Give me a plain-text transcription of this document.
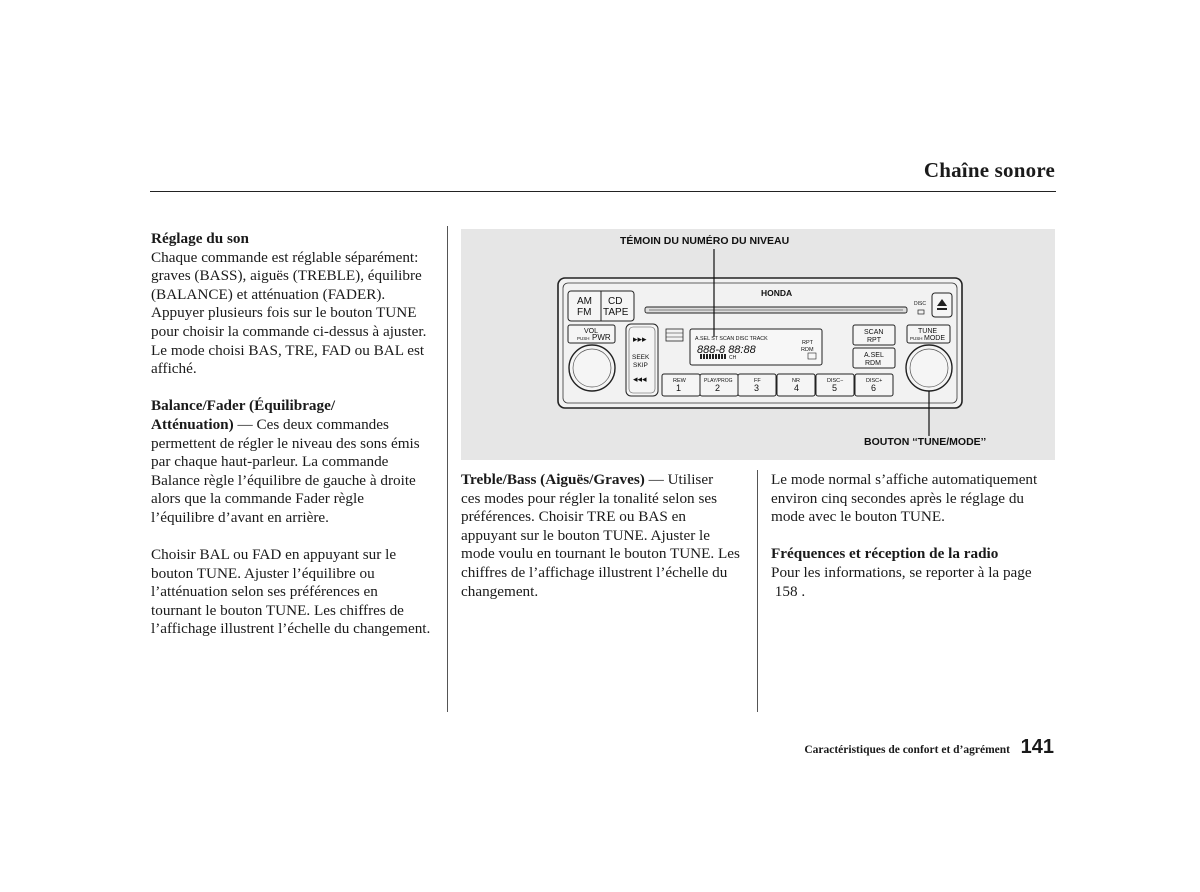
Chaîne sonore

Réglage du son

Chaque commande est réglable séparément:

graves (BASS), aiguës (TREBLE), équilibre

(BALANCE) et atténuation (FADER).

Appuyer plusieurs fois sur le bouton TUNE

pour choisir la commande ci-dessus à ajuster.

Le mode choisi BAS, TRE, FAD ou BAL est

affiché.

Balance/Fader (Équilibrage/

Atténuation) — Ces deux commandes

permettent de régler le niveau des sons émis

par chaque haut-parleur. La commande

Balance règle l’équilibre de gauche à droite

alors que la commande Fader règle

l’équilibre d’avant en arrière.

Choisir BAL ou FAD en appuyant sur le

bouton TUNE. Ajuster l’équilibre ou

l’atténuation selon ses préférences en

tournant le bouton TUNE. Les chiffres de

l’affichage illustrent l’échelle du changement.

▸▸▸
◂◂◂
HONDA
AM
FM
CD
TAPE
VOL
PUSH PWR
SEEK
SKIP
A.SEL ST SCAN DISC TRACK
888-8 88:88
CH
RPT
RDM
SCAN
RPT
A.SEL
RDM
TUNE
PUSH MODE
DISC
REW
1
PLAY/PROG
2
FF
3
NR
4
DISC−
5
DISC+
6
TÉMOIN DU NUMÉRO DU NIVEAU
BOUTON ‘‘TUNE/MODE’’

Treble/Bass (Aiguës/Graves) — Utiliser

ces modes pour régler la tonalité selon ses

préférences. Choisir TRE ou BAS en

appuyant sur le bouton TUNE. Ajuster le

mode voulu en tournant le bouton TUNE. Les

chiffres de l’affichage illustrent l’échelle du

changement.

Le mode normal s’affiche automatiquement

environ cinq secondes après le réglage du

mode avec le bouton TUNE.

Fréquences et réception de la radio

Pour les informations, se reporter à la page

158 .

Caractéristiques de confort et d’agrément 141
